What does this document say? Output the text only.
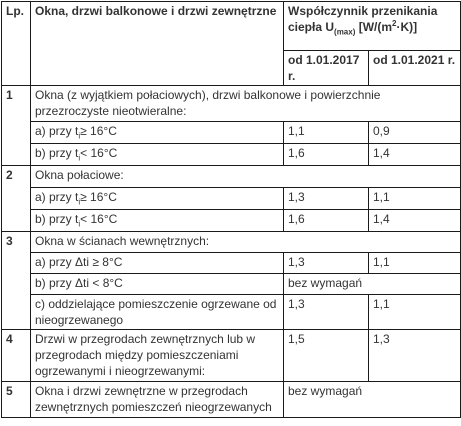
Lp.	Okna, drzwi balkonowe i drzwi zewnętrzne	Współczynnik przenikania
ciepła $U_{(max)}$ $[W/(m^2\cdot K)]$	
		od 1.01.2017 r.	od 1.01.2021 r.
1	Okna (z wyjątkiem połaciowych), drzwi balkonowe i powierzchnie przezroczyste nieotwieralne:		
	a) przy $t_i\ge 16^\circ C$	1,1	0,9
	b) przy $t_i< 16^\circ C$	1,6	1,4
2	Okna połaciowe:		
	a) przy $t_i\ge 16^\circ C$	1,3	1,1
	b) przy $t_i< 16^\circ C$	1,6	1,4
3	Okna w ścianach wewnętrznych:		
	a) przy Δti ≥ 8°C	1,3	1,1
	b) przy Δti < 8°C	bez wymagań	
	c) oddzielające pomieszczenie ogrzewane od nieogrzewanego	1,3	1,1
4	Drzwi w przegrodach zewnętrznych lub w przegrodach między pomieszczeniami ogrzewanymi i nieogrzewanymi:	1,5	1,3
5	Okna i drzwi zewnętrzne w przegrodach zewnętrznych pomieszczeń nieogrzewanych	bez wymagań	
